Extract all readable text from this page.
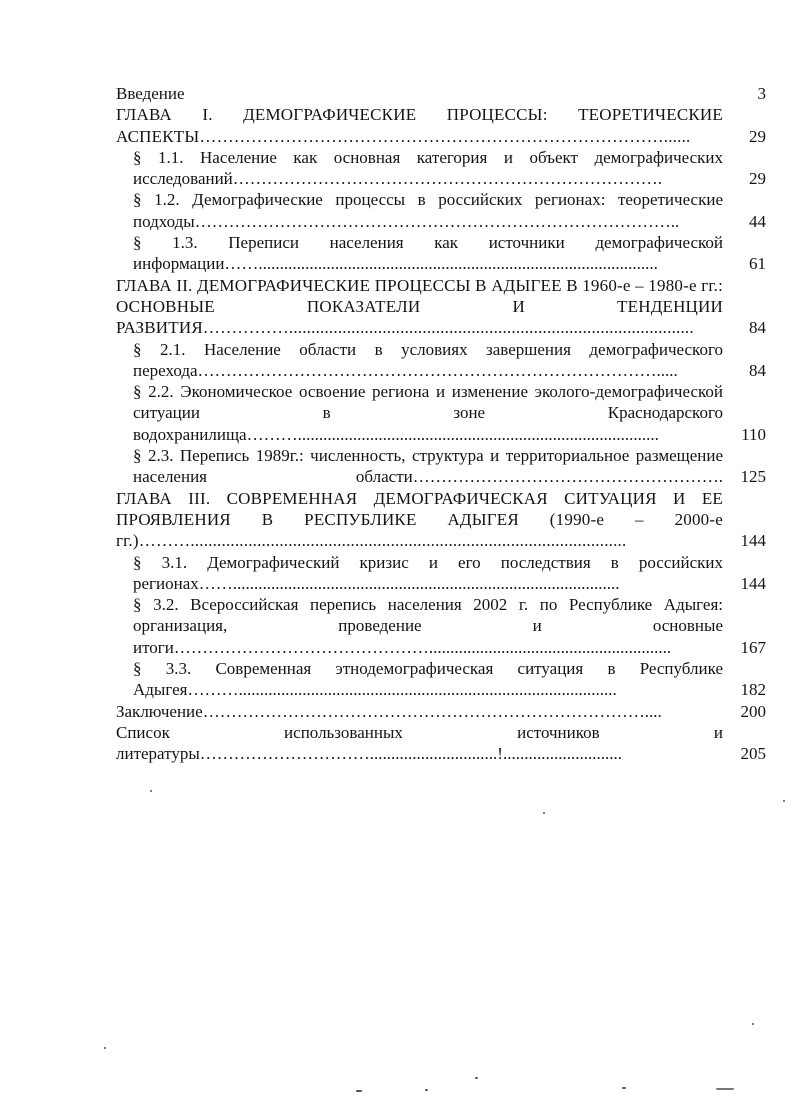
Введение	3
ГЛАВА I. ДЕМОГРАФИЧЕСКИЕ ПРОЦЕССЫ: ТЕОРЕТИЧЕСКИЕ АСПЕКТЫ………………………………………………………………………......	29
§ 1.1. Население как основная категория и объект демографических исследований………………………………………………………………….	29
§ 1.2. Демографические процессы в российских регионах: теоретические подходы…………………………………………………………………………..	44
§ 1.3. Переписи населения как источники демографической информации……..............................................................................................	61
ГЛАВА II. ДЕМОГРАФИЧЕСКИЕ ПРОЦЕССЫ В АДЫГЕЕ В 1960-е – 1980-е гг.: ОСНОВНЫЕ ПОКАЗАТЕЛИ И ТЕНДЕНЦИИ РАЗВИТИЯ……………...........................................................................................	84
§ 2.1. Население области в условиях завершения демографического перехода……………………………………………………………………….....	84
§ 2.2. Экономическое освоение региона и изменение эколого-демографической ситуации в зоне Краснодарского водохранилища……….....................................................................................	110
§ 2.3. Перепись 1989г.: численность, структура и территориальное размещение населения области……………………………………………….	125
ГЛАВА III. СОВРЕМЕННАЯ ДЕМОГРАФИЧЕСКАЯ СИТУАЦИЯ И ЕЕ ПРОЯВЛЕНИЯ В РЕСПУБЛИКЕ АДЫГЕЯ (1990-е – 2000-е гг.)………..................................................................................................	144
§ 3.1. Демографический кризис и его последствия в российских регионах……...........................................................................................	144
§ 3.2. Всероссийская перепись населения 2002 г. по Республике Адыгея: организация, проведение и основные итоги……………………………………….........................................................	167
§ 3.3. Современная этнодемографическая ситуация в Республике Адыгея……….........................................................................................	182
Заключение……………………………………………………………………....	200
Список использованных источников и литературы…………………………..............................!............................	205
